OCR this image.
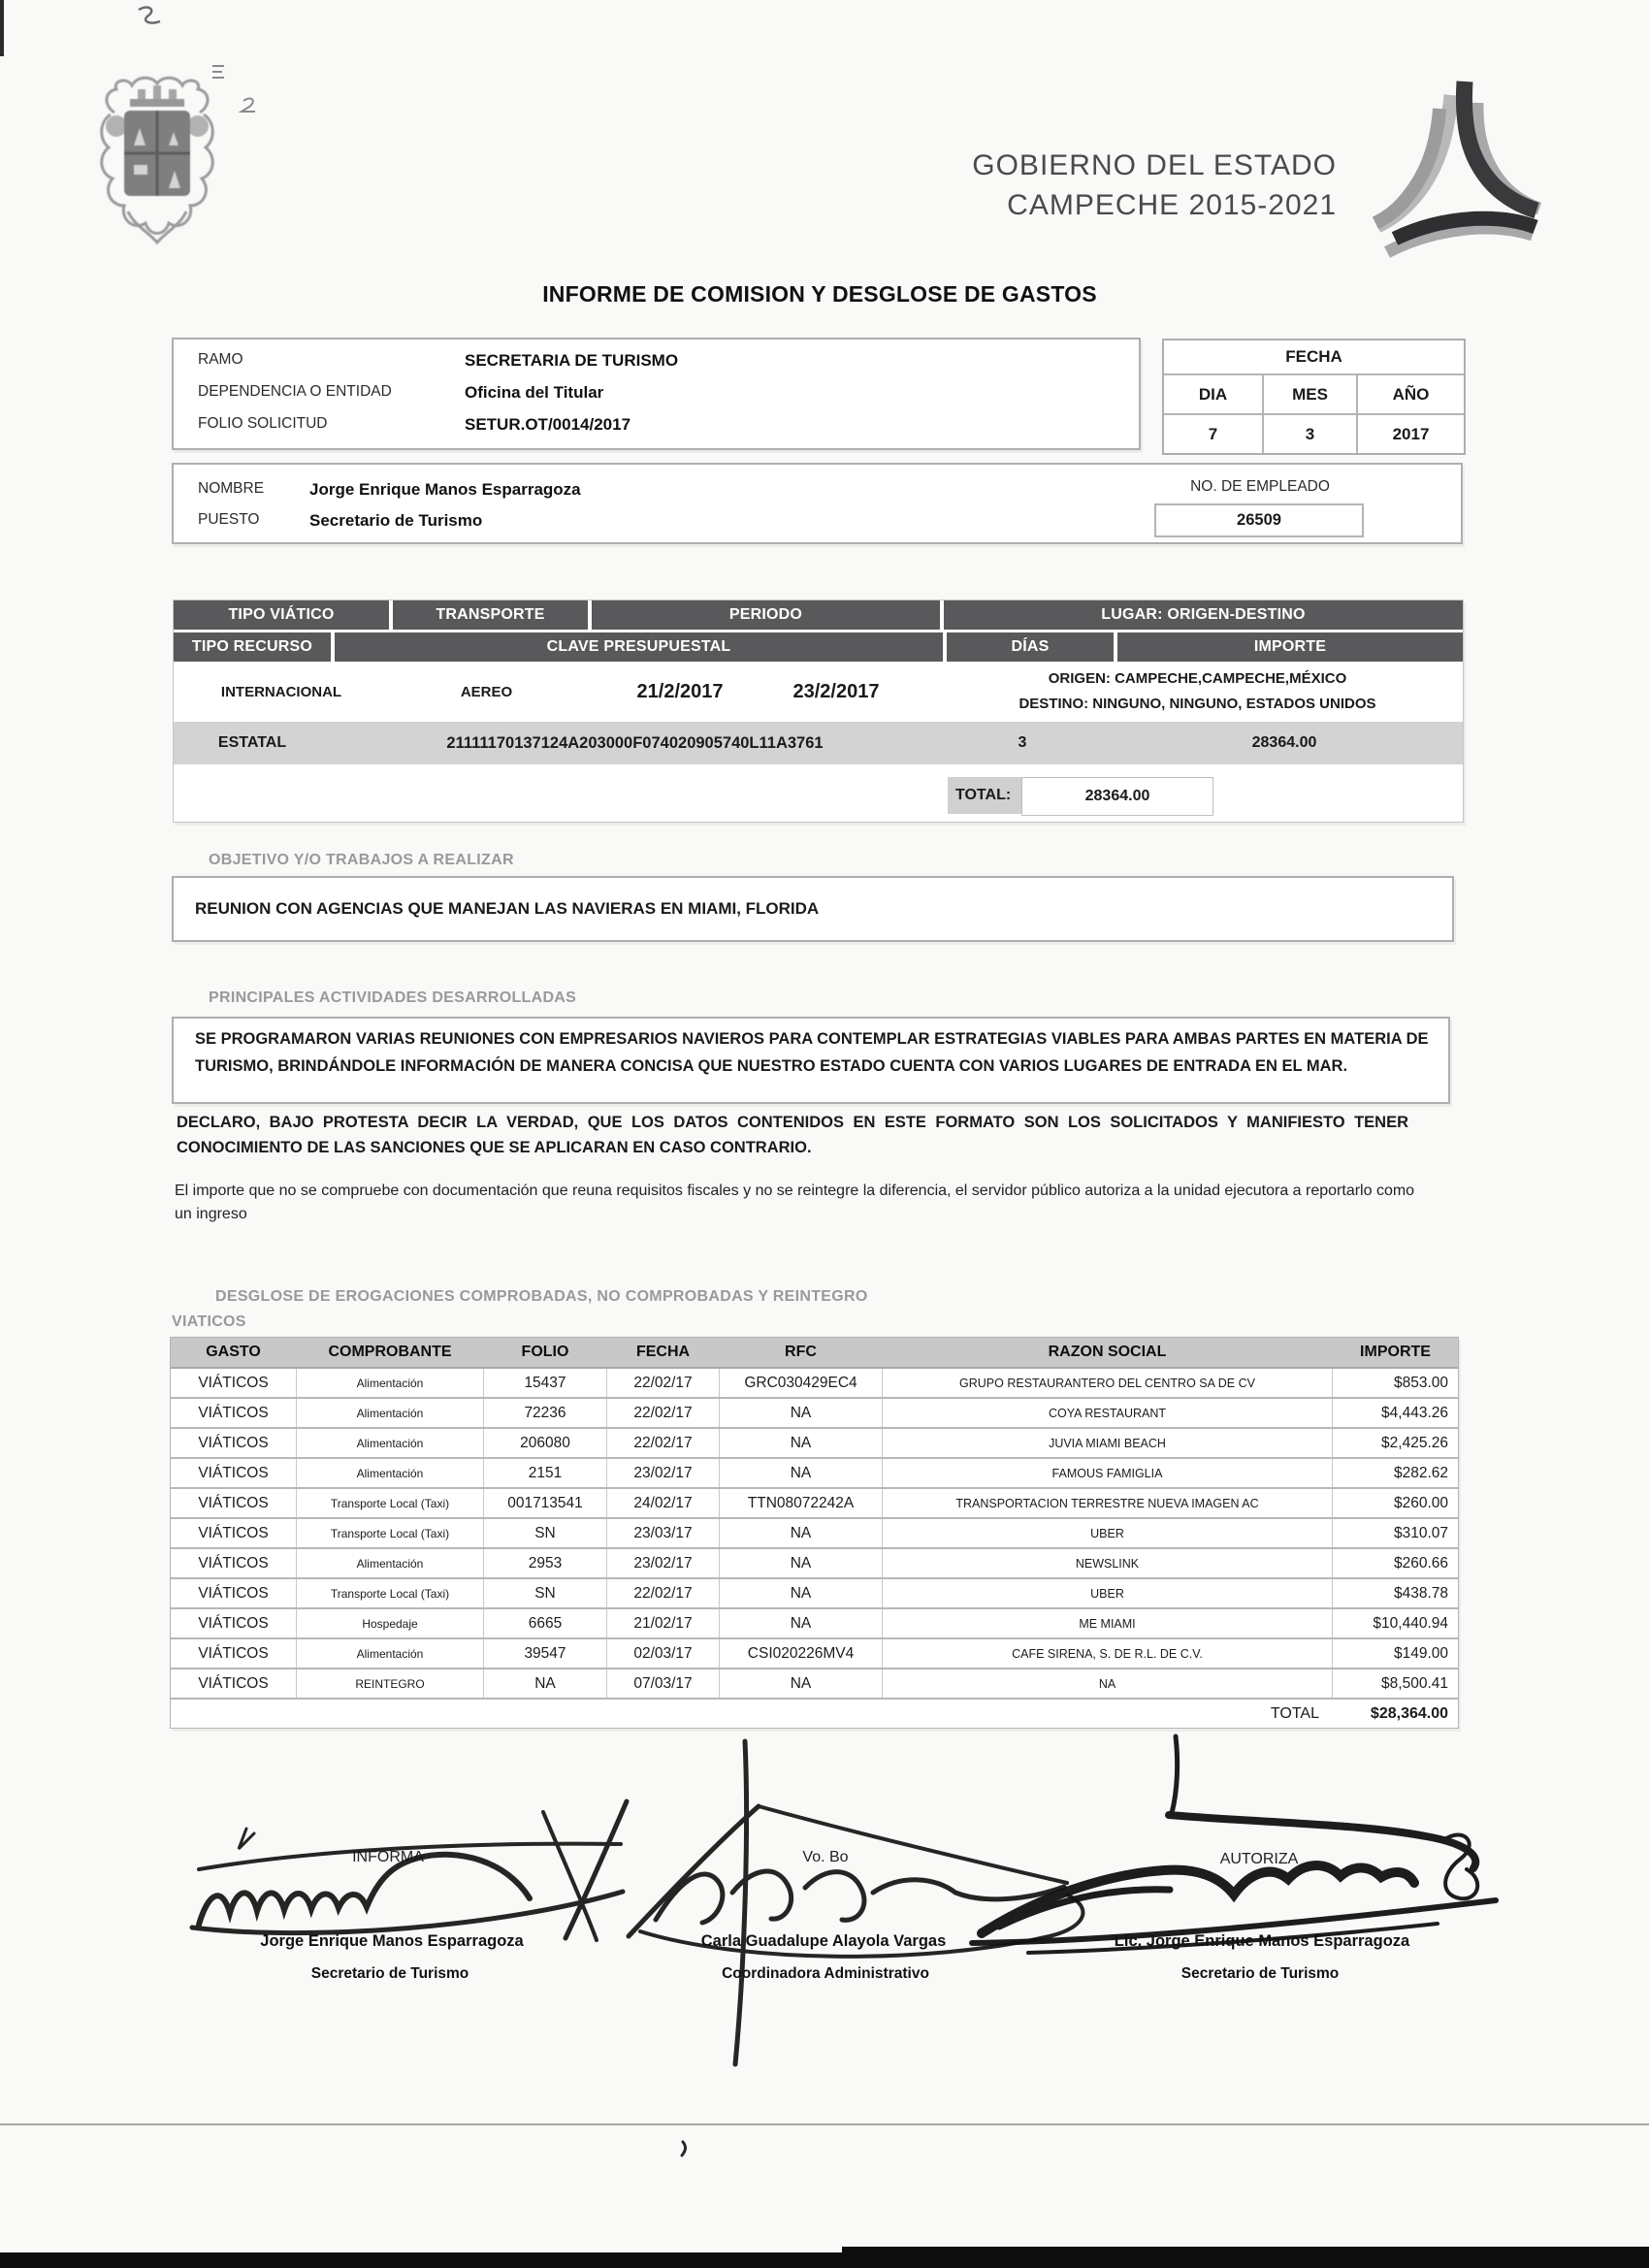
GOBIERNO DEL ESTADO
CAMPECHE 2015-2021
INFORME DE COMISION Y DESGLOSE DE GASTOS
RAMO	SECRETARIA DE TURISMO
DEPENDENCIA O ENTIDAD	Oficina del Titular
FOLIO SOLICITUD	SETUR.OT/0014/2017
FECHA
DIA	MES	AÑO
7	3	2017
NOMBRE	Jorge Enrique Manos Esparragoza
PUESTO	Secretario de Turismo
NO. DE EMPLEADO
26509
TIPO VIÁTICO	TRANSPORTE	PERIODO	LUGAR: ORIGEN-DESTINO
TIPO RECURSO	CLAVE PRESUPUESTAL	DÍAS	IMPORTE
INTERNACIONAL	AEREO	21/2/2017	23/2/2017
ORIGEN: CAMPECHE,CAMPECHE,MÉXICO
DESTINO: NINGUNO, NINGUNO, ESTADOS UNIDOS
ESTATAL	21111170137124A203000F074020905740L11A3761	3	28364.00
TOTAL:	28364.00
OBJETIVO Y/O TRABAJOS A REALIZAR
REUNION CON AGENCIAS QUE MANEJAN LAS NAVIERAS EN MIAMI, FLORIDA
PRINCIPALES ACTIVIDADES DESARROLLADAS
SE PROGRAMARON VARIAS REUNIONES CON EMPRESARIOS NAVIEROS PARA CONTEMPLAR ESTRATEGIAS VIABLES PARA AMBAS PARTES EN MATERIA DE TURISMO, BRINDÁNDOLE INFORMACIÓN DE MANERA CONCISA QUE NUESTRO ESTADO CUENTA CON VARIOS LUGARES DE ENTRADA EN EL MAR.
DECLARO, BAJO PROTESTA DECIR LA VERDAD, QUE LOS DATOS CONTENIDOS EN ESTE FORMATO SON LOS SOLICITADOS Y MANIFIESTO TENER CONOCIMIENTO DE LAS SANCIONES QUE SE APLICARAN EN CASO CONTRARIO.
El importe que no se compruebe con documentación que reuna requisitos fiscales y no se reintegre la diferencia, el servidor público autoriza a la unidad ejecutora a reportarlo como un ingreso
DESGLOSE DE EROGACIONES COMPROBADAS, NO COMPROBADAS Y REINTEGRO
VIATICOS
GASTO	COMPROBANTE	FOLIO	FECHA	RFC	RAZON SOCIAL	IMPORTE
VIÁTICOS	Alimentación	15437	22/02/17	GRC030429EC4	GRUPO RESTAURANTERO DEL CENTRO SA DE CV	$853.00
VIÁTICOS	Alimentación	72236	22/02/17	NA	COYA RESTAURANT	$4,443.26
VIÁTICOS	Alimentación	206080	22/02/17	NA	JUVIA MIAMI BEACH	$2,425.26
VIÁTICOS	Alimentación	2151	23/02/17	NA	FAMOUS FAMIGLIA	$282.62
VIÁTICOS	Transporte Local (Taxi)	001713541	24/02/17	TTN08072242A	TRANSPORTACION TERRESTRE NUEVA IMAGEN AC	$260.00
VIÁTICOS	Transporte Local (Taxi)	SN	23/03/17	NA	UBER	$310.07
VIÁTICOS	Alimentación	2953	23/02/17	NA	NEWSLINK	$260.66
VIÁTICOS	Transporte Local (Taxi)	SN	22/02/17	NA	UBER	$438.78
VIÁTICOS	Hospedaje	6665	21/02/17	NA	ME MIAMI	$10,440.94
VIÁTICOS	Alimentación	39547	02/03/17	CSI020226MV4	CAFE SIRENA, S. DE R.L. DE C.V.	$149.00
VIÁTICOS	REINTEGRO	NA	07/03/17	NA	NA	$8,500.41
TOTAL	$28,364.00
INFORMA	Vo. Bo	AUTORIZA
Jorge Enrique Manos Esparragoza	Carla Guadalupe Alayola Vargas	Lic. Jorge Enrique Manos Esparragoza
Secretario de Turismo	Coordinadora Administrativo	Secretario de Turismo
